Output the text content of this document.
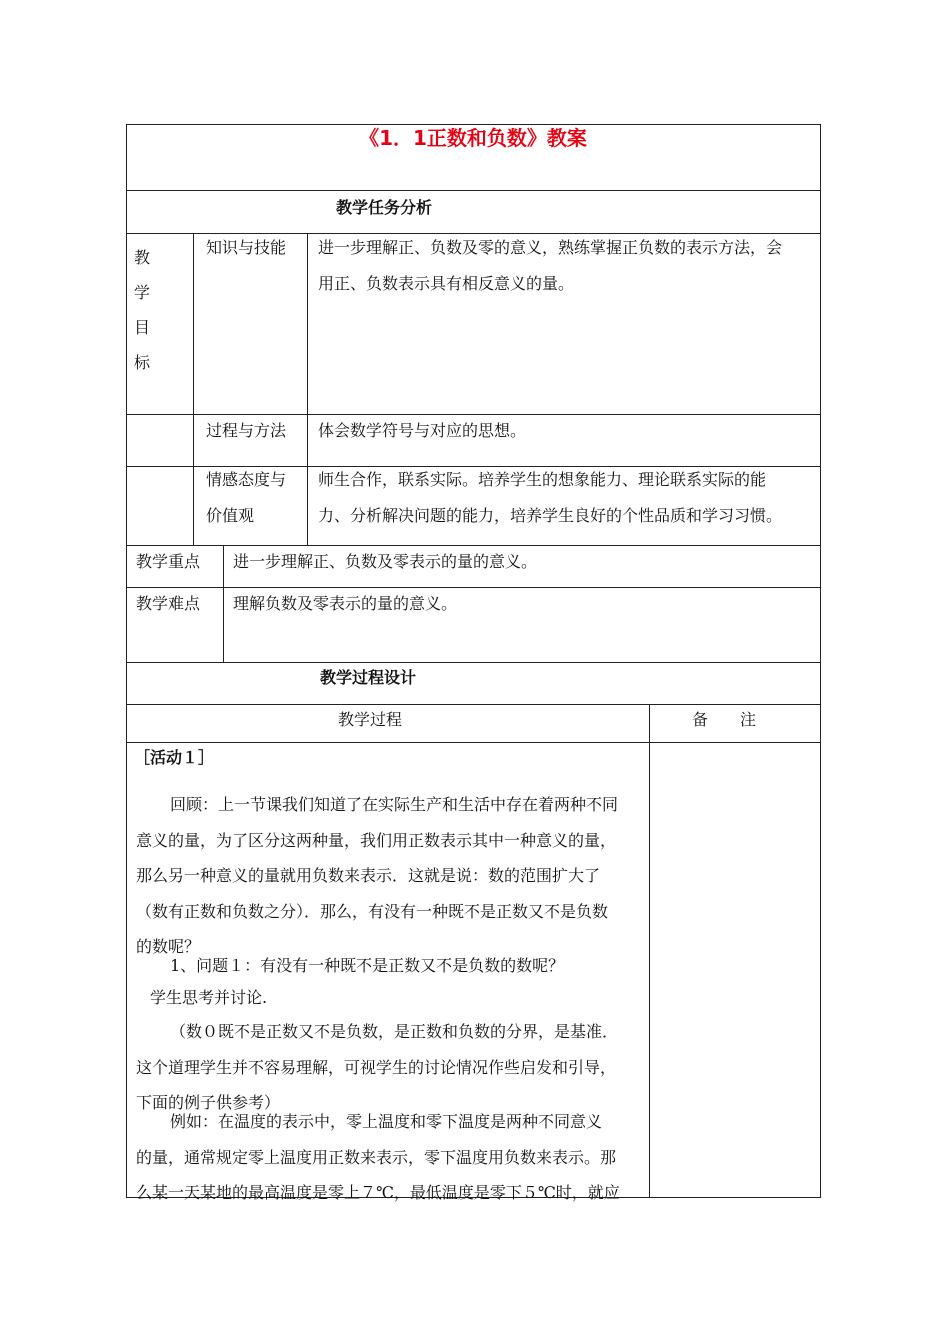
《1．1正数和负数》教案
教学任务分析
教
学
目
标
知识与技能 进一步理解正、负数及零的意义，熟练掌握正负数的表示方法，会
用正、负数表示具有相反意义的量。
过程与方法 体会数学符号与对应的思想。
情感态度与
价值观
师生合作，联系实际。培养学生的想象能力、理论联系实际的能
力、分析解决问题的能力，培养学生良好的个性品质和学习习惯。
教学重点 进一步理解正、负数及零表示的量的意义。
教学难点 理解负数及零表示的量的意义。
教学过程设计
教学过程	备　　注
［活动１］
回顾：上一节课我们知道了在实际生产和生活中存在着两种不同
意义的量，为了区分这两种量，我们用正数表示其中一种意义的量，
那么另一种意义的量就用负数来表示．这就是说：数的范围扩大了
（数有正数和负数之分）．那么，有没有一种既不是正数又不是负数
的数呢？
1、问题１：有没有一种既不是正数又不是负数的数呢？
学生思考并讨论.
（数０既不是正数又不是负数，是正数和负数的分界，是基准．
这个道理学生并不容易理解，可视学生的讨论情况作些启发和引导，
下面的例子供参考）
例如：在温度的表示中，零上温度和零下温度是两种不同意义
的量，通常规定零上温度用正数来表示，零下温度用负数来表示。那
么某一天某地的最高温度是零上７℃，最低温度是零下５℃时，就应
